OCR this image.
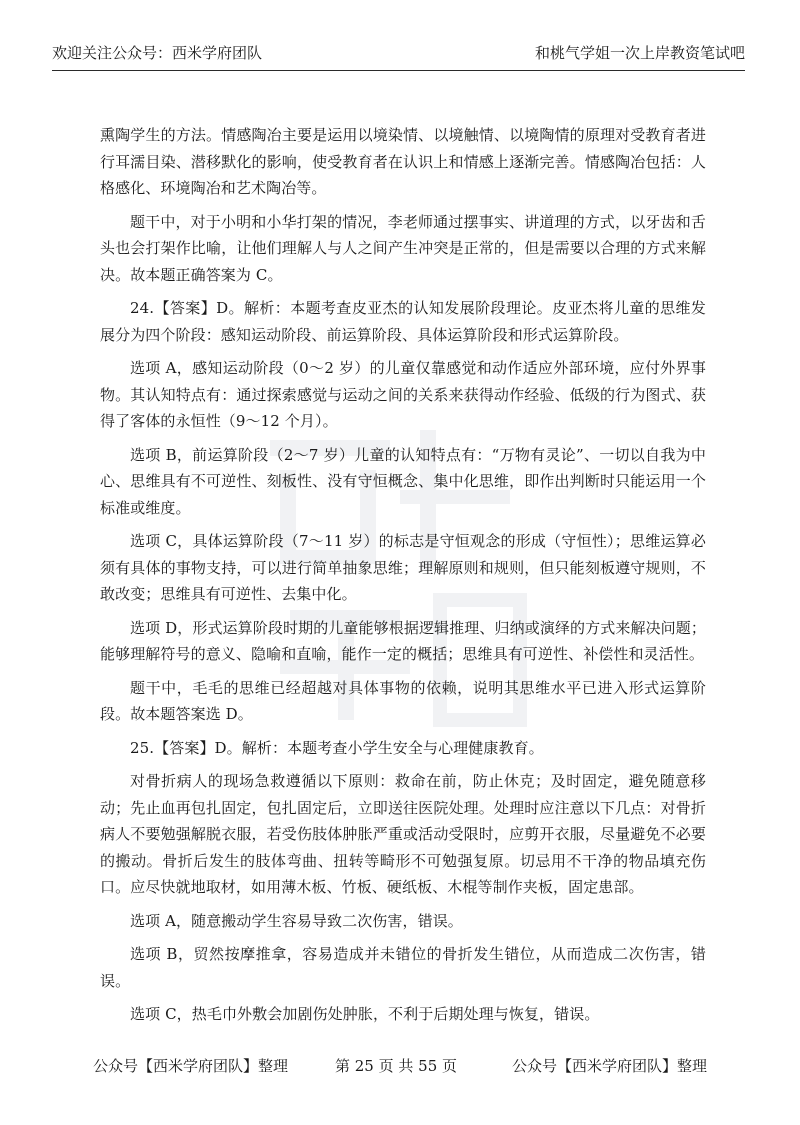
欢迎关注公众号：西米学府团队	和桃气学姐一次上岸教资笔试吧

熏陶学生的方法。情感陶冶主要是运用以境染情、以境触情、以境陶情的原理对受教育者进行耳濡目染、潜移默化的影响，使受教育者在认识上和情感上逐渐完善。情感陶冶包括：人格感化、环境陶冶和艺术陶冶等。

题干中，对于小明和小华打架的情况，李老师通过摆事实、讲道理的方式，以牙齿和舌头也会打架作比喻，让他们理解人与人之间产生冲突是正常的，但是需要以合理的方式来解决。故本题正确答案为 C。

24.【答案】D。解析：本题考查皮亚杰的认知发展阶段理论。皮亚杰将儿童的思维发展分为四个阶段：感知运动阶段、前运算阶段、具体运算阶段和形式运算阶段。

选项 A，感知运动阶段（0～2 岁）的儿童仅靠感觉和动作适应外部环境，应付外界事物。其认知特点有：通过探索感觉与运动之间的关系来获得动作经验、低级的行为图式、获得了客体的永恒性（9～12 个月）。

选项 B，前运算阶段（2～7 岁）儿童的认知特点有：“万物有灵论”、一切以自我为中心、思维具有不可逆性、刻板性、没有守恒概念、集中化思维，即作出判断时只能运用一个标准或维度。

选项 C，具体运算阶段（7～11 岁）的标志是守恒观念的形成（守恒性）；思维运算必须有具体的事物支持，可以进行简单抽象思维；理解原则和规则，但只能刻板遵守规则，不敢改变；思维具有可逆性、去集中化。

选项 D，形式运算阶段时期的儿童能够根据逻辑推理、归纳或演绎的方式来解决问题；能够理解符号的意义、隐喻和直喻，能作一定的概括；思维具有可逆性、补偿性和灵活性。

题干中，毛毛的思维已经超越对具体事物的依赖，说明其思维水平已进入形式运算阶段。故本题答案选 D。

25.【答案】D。解析：本题考查小学生安全与心理健康教育。

对骨折病人的现场急救遵循以下原则：救命在前，防止休克；及时固定，避免随意移动；先止血再包扎固定，包扎固定后，立即送往医院处理。处理时应注意以下几点：对骨折病人不要勉强解脱衣服，若受伤肢体肿胀严重或活动受限时，应剪开衣服，尽量避免不必要的搬动。骨折后发生的肢体弯曲、扭转等畸形不可勉强复原。切忌用不干净的物品填充伤口。应尽快就地取材，如用薄木板、竹板、硬纸板、木棍等制作夹板，固定患部。

选项 A，随意搬动学生容易导致二次伤害，错误。

选项 B，贸然按摩推拿，容易造成并未错位的骨折发生错位，从而造成二次伤害，错误。

选项 C，热毛巾外敷会加剧伤处肿胀，不利于后期处理与恢复，错误。

公众号【西米学府团队】整理	第 25 页 共 55 页	公众号【西米学府团队】整理
